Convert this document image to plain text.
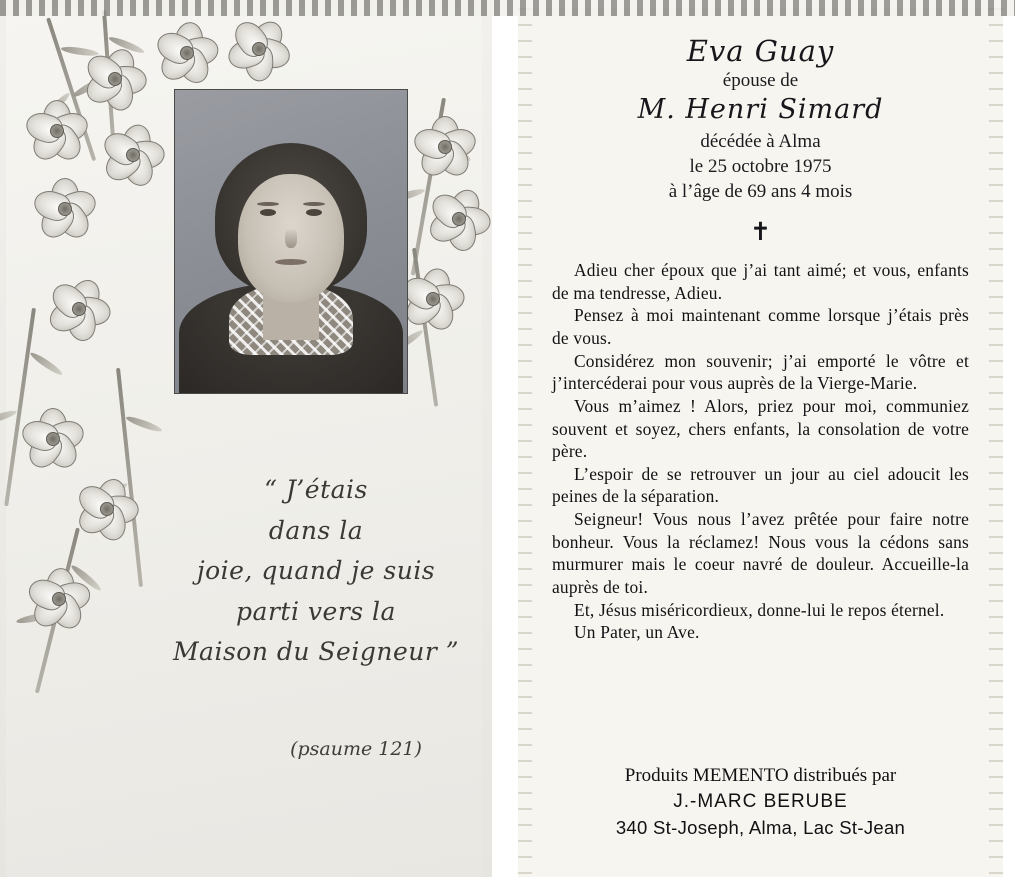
“ J’étais
dans la
joie, quand je suis
parti vers la
Maison du Seigneur ”
(psaume 121)
Eva Guay
épouse de
M. Henri Simard
décédée à Alma
le 25 octobre 1975
à l’âge de 69 ans 4 mois
✝

Adieu cher époux que j’ai tant aimé; et vous, enfants de ma tendresse, Adieu.

Pensez à moi maintenant comme lorsque j’étais près de vous.

Considérez mon souvenir; j’ai emporté le vôtre et j’intercéderai pour vous auprès de la Vierge-Marie.

Vous m’aimez ! Alors, priez pour moi, communiez souvent et soyez, chers enfants, la consolation de votre père.

L’espoir de se retrouver un jour au ciel adoucit les peines de la séparation.

Seigneur! Vous nous l’avez prêtée pour faire notre bonheur. Vous la réclamez! Nous vous la cédons sans murmurer mais le coeur navré de douleur. Accueille-la auprès de toi.

Et, Jésus miséricordieux, donne-lui le repos éternel.

Un Pater, un Ave.

Produits MEMENTO distribués par
J.-MARC BERUBE
340 St-Joseph, Alma, Lac St-Jean
